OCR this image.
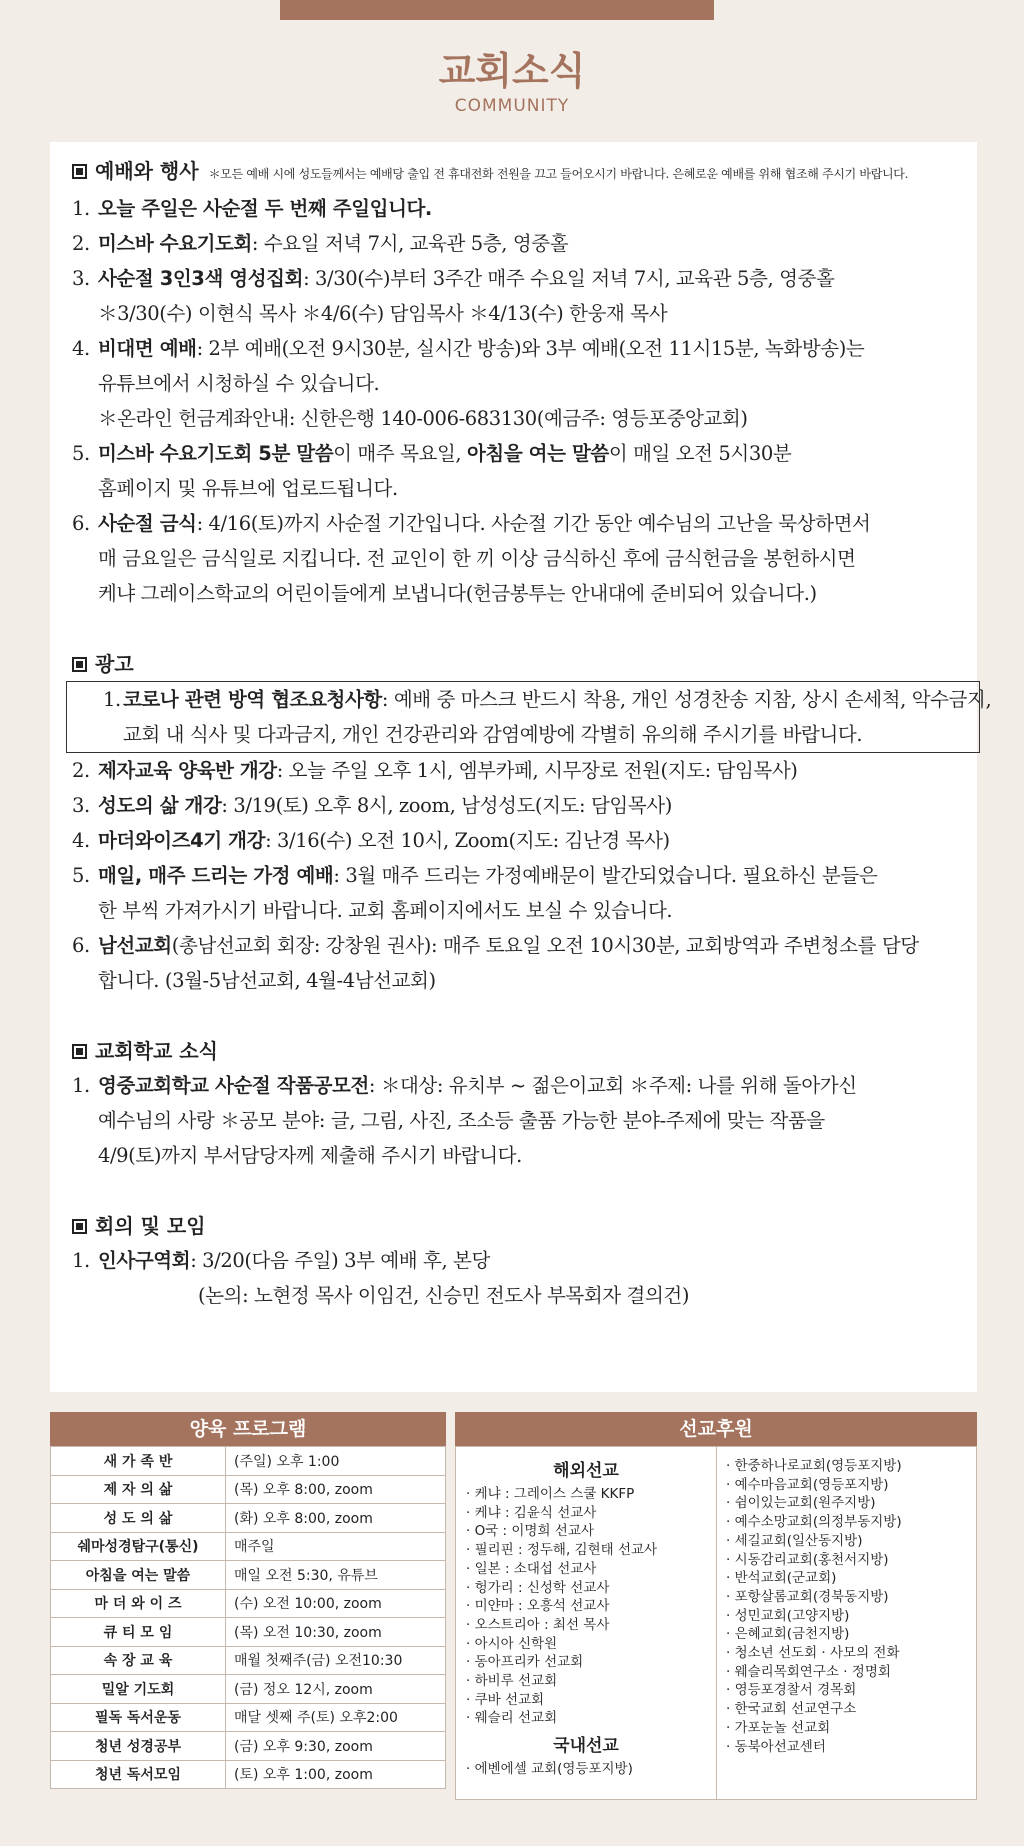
교회소식
COMMUNITY
예배와 행사 ＊모든 예배 시에 성도들께서는 예배당 출입 전 휴대전화 전원을 끄고 들어오시기 바랍니다. 은혜로운 예배를 위해 협조해 주시기 바랍니다.
1. 오늘 주일은 사순절 두 번째 주일입니다.
2. 미스바 수요기도회: 수요일 저녁 7시, 교육관 5층, 영중홀
3. 사순절 3인3색 영성집회: 3/30(수)부터 3주간 매주 수요일 저녁 7시, 교육관 5층, 영중홀
＊3/30(수) 이현식 목사 ＊4/6(수) 담임목사 ＊4/13(수) 한웅재 목사
4. 비대면 예배: 2부 예배(오전 9시30분, 실시간 방송)와 3부 예배(오전 11시15분, 녹화방송)는
유튜브에서 시청하실 수 있습니다.
＊온라인 헌금계좌안내: 신한은행 140-006-683130(예금주: 영등포중앙교회)
5. 미스바 수요기도회 5분 말씀이 매주 목요일, 아침을 여는 말씀이 매일 오전 5시30분
홈페이지 및 유튜브에 업로드됩니다.
6. 사순절 금식: 4/16(토)까지 사순절 기간입니다. 사순절 기간 동안 예수님의 고난을 묵상하면서
매 금요일은 금식일로 지킵니다. 전 교인이 한 끼 이상 금식하신 후에 금식헌금을 봉헌하시면
케냐 그레이스학교의 어린이들에게 보냅니다(헌금봉투는 안내대에 준비되어 있습니다.)
광고
1. 코로나 관련 방역 협조요청사항: 예배 중 마스크 반드시 착용, 개인 성경찬송 지참, 상시 손세척, 악수금지,
교회 내 식사 및 다과금지, 개인 건강관리와 감염예방에 각별히 유의해 주시기를 바랍니다.
2. 제자교육 양육반 개강: 오늘 주일 오후 1시, 엠부카페, 시무장로 전원(지도: 담임목사)
3. 성도의 삶 개강: 3/19(토) 오후 8시, zoom, 남성성도(지도: 담임목사)
4. 마더와이즈4기 개강: 3/16(수) 오전 10시, Zoom(지도: 김난경 목사)
5. 매일, 매주 드리는 가정 예배: 3월 매주 드리는 가정예배문이 발간되었습니다. 필요하신 분들은
한 부씩 가져가시기 바랍니다. 교회 홈페이지에서도 보실 수 있습니다.
6. 남선교회(총남선교회 회장: 강창원 권사): 매주 토요일 오전 10시30분, 교회방역과 주변청소를 담당
합니다. (3월-5남선교회, 4월-4남선교회)
교회학교 소식
1. 영중교회학교 사순절 작품공모전: ＊대상: 유치부 ~ 젊은이교회 ＊주제: 나를 위해 돌아가신
예수님의 사랑 ＊공모 분야: 글, 그림, 사진, 조소등 출품 가능한 분야-주제에 맞는 작품을
4/9(토)까지 부서담당자께 제출해 주시기 바랍니다.
회의 및 모임
1. 인사구역회: 3/20(다음 주일) 3부 예배 후, 본당
(논의: 노현정 목사 이임건, 신승민 전도사 부목회자 결의건)
양육 프로그램
새 가 족 반	(주일) 오후 1:00
제 자 의 삶	(목) 오후 8:00, zoom
성 도 의 삶	(화) 오후 8:00, zoom
쉐마성경탐구(통신)	매주일
아침을 여는 말씀	매일 오전 5:30, 유튜브
마 더 와 이 즈	(수) 오전 10:00, zoom
큐 티 모 임	(목) 오전 10:30, zoom
속 장 교 육	매월 첫째주(금) 오전10:30
밀알 기도회	(금) 정오 12시, zoom
필독 독서운동	매달 셋째 주(토) 오후2:00
청년 성경공부	(금) 오후 9:30, zoom
청년 독서모임	(토) 오후 1:00, zoom
선교후원
해외선교
· 케냐 : 그레이스 스쿨 KKFP
· 케냐 : 김윤식 선교사
· Ο국 : 이명희 선교사
· 필리핀 : 정두해, 김현태 선교사
· 일본 : 소대섭 선교사
· 헝가리 : 신성학 선교사
· 미얀마 : 오흥석 선교사
· 오스트리아 : 최선 목사
· 아시아 신학원
· 동아프리카 선교회
· 하비루 선교회
· 쿠바 선교회
· 웨슬리 선교회
국내선교
· 에벤에셀 교회(영등포지방)
· 한중하나로교회(영등포지방)
· 예수마음교회(영등포지방)
· 쉼이있는교회(원주지방)
· 예수소망교회(의정부동지방)
· 세길교회(일산동지방)
· 시동감리교회(홍천서지방)
· 반석교회(군교회)
· 포항살롬교회(경북동지방)
· 성민교회(고양지방)
· 은혜교회(금천지방)
· 청소년 선도회 · 사모의 전화
· 웨슬리목회연구소 · 정명회
· 영등포경찰서 경목회
· 한국교회 선교연구소
· 가포눈놀 선교회
· 동북아선교센터
